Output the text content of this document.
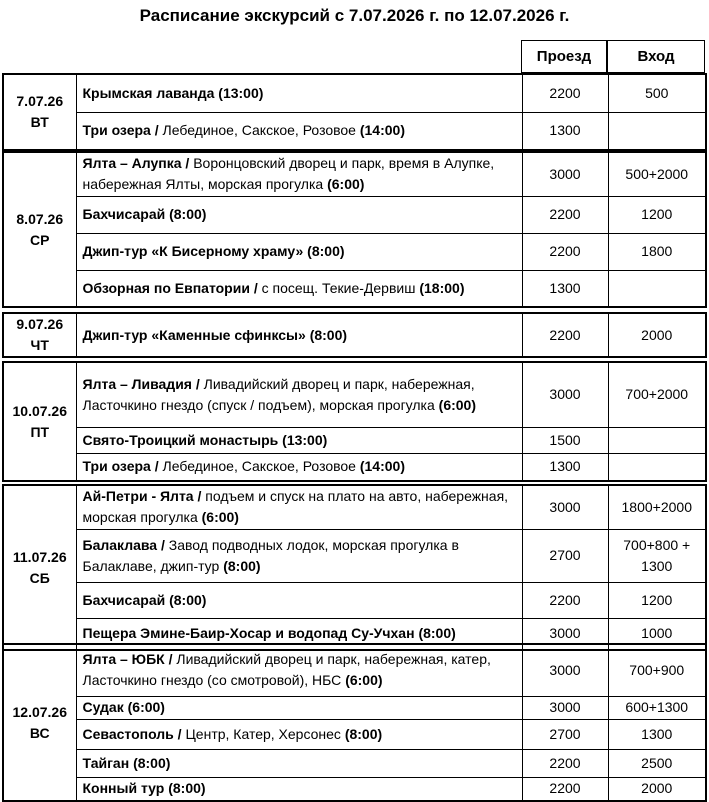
Расписание экскурсий с 7.07.2026 г. по 12.07.2026 г.
Проезд	Вход
7.07.26
ВТ	Крымская лаванда (13:00)	2200	500
	Три озера / Лебединое, Сакское, Розовое (14:00)	1300	
8.07.26
СР	Ялта – Алупка / Воронцовский дворец и парк, время в Алупке, набережная Ялты, морская прогулка (6:00)	3000	500+2000
	Бахчисарай (8:00)	2200	1200
	Джип-тур «К Бисерному храму» (8:00)	2200	1800
	Обзорная по Евпатории / с посещ. Текие-Дервиш (18:00)	1300	
9.07.26
ЧТ
	Джип-тур «Каменные сфинксы» (8:00)	2200	2000
10.07.26
ПТ	Ялта – Ливадия / Ливадийский дворец и парк, набережная, Ласточкино гнездо (спуск / подъем), морская прогулка (6:00)	3000	700+2000
	Свято-Троицкий монастырь (13:00)	1500	
	Три озера / Лебединое, Сакское, Розовое (14:00)	1300	
11.07.26
СБ	Ай-Петри - Ялта / подъем и спуск на плато на авто, набережная, морская прогулка (6:00)	3000	1800+2000
	Балаклава / Завод подводных лодок, морская прогулка в Балаклаве, джип-тур (8:00)	2700	700+800 + 1300
	Бахчисарай (8:00)	2200	1200
	Пещера Эмине-Баир-Хосар и водопад Су-Учхан (8:00)	3000	1000
12.07.26
ВС	Ялта – ЮБК / Ливадийский дворец и парк, набережная, катер, Ласточкино гнездо (со смотровой), НБС (6:00)	3000	700+900
	Судак (6:00)	3000	600+1300
	Севастополь / Центр, Катер, Херсонес (8:00)	2700	1300
	Тайган (8:00)	2200	2500
	Конный тур (8:00)	2200	2000
